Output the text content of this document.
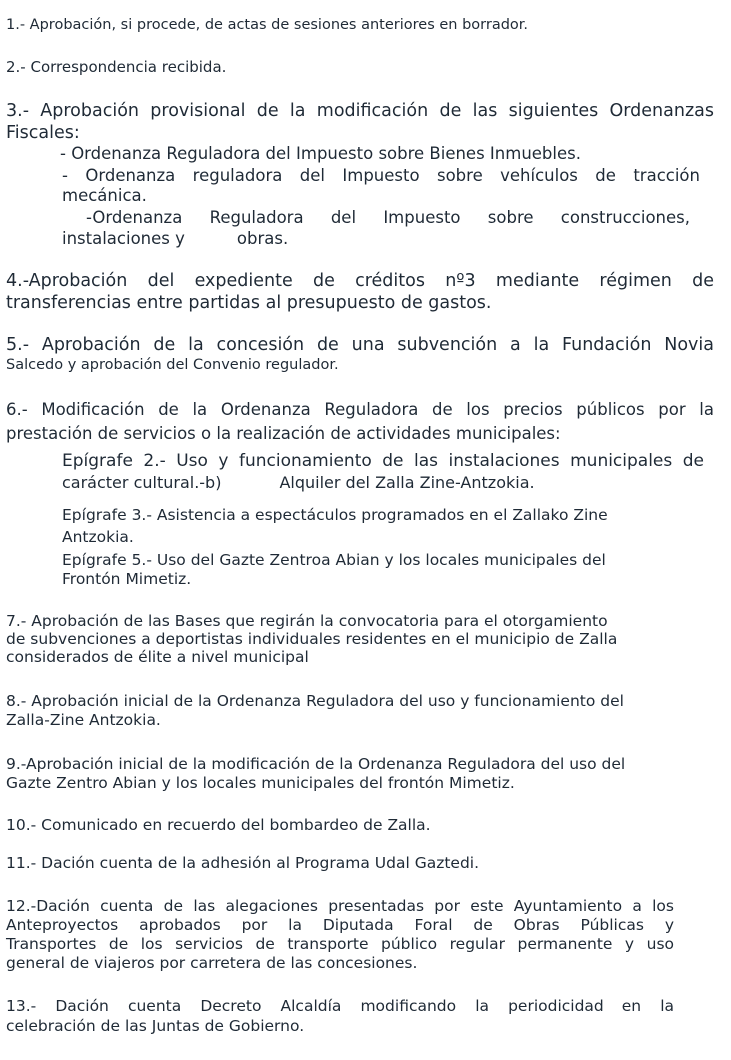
1.- Aprobación, si procede, de actas de sesiones anteriores en borrador.

2.- Correspondencia recibida.

3.- Aprobación provisional de la modificación de las siguientes Ordenanzas
Fiscales:
- Ordenanza Reguladora del Impuesto sobre Bienes Inmuebles.
- Ordenanza reguladora del Impuesto sobre vehículos de tracción
mecánica.
-Ordenanza Reguladora del Impuesto sobre construcciones,
instalaciones y	obras.
4.-Aprobación del expediente de créditos nº3 mediante régimen de
transferencias entre partidas al presupuesto de gastos.
5.- Aprobación de la concesión de una subvención a la Fundación Novia
Salcedo y aprobación del Convenio regulador.
6.- Modificación de la Ordenanza Reguladora de los precios públicos por la
prestación de servicios o la realización de actividades municipales:
Epígrafe 2.- Uso y funcionamiento de las instalaciones municipales de
carácter cultural.-b)	Alquiler del Zalla Zine-Antzokia.
Epígrafe 3.- Asistencia a espectáculos programados en el Zallako Zine
Antzokia.
Epígrafe 5.- Uso del Gazte Zentroa Abian y los locales municipales del
Frontón Mimetiz.
7.- Aprobación de las Bases que regirán la convocatoria para el otorgamiento
de subvenciones a deportistas individuales residentes en el municipio de Zalla
considerados de élite a nivel municipal
8.- Aprobación inicial de la Ordenanza Reguladora del uso y funcionamiento del
Zalla-Zine Antzokia.
9.-Aprobación inicial de la modificación de la Ordenanza Reguladora del uso del
Gazte Zentro Abian y los locales municipales del frontón Mimetiz.

10.- Comunicado en recuerdo del bombardeo de Zalla.

11.- Dación cuenta de la adhesión al Programa Udal Gaztedi.

12.-Dación cuenta de las alegaciones presentadas por este Ayuntamiento a los
Anteproyectos aprobados por la Diputada Foral de Obras Públicas y
Transportes de los servicios de transporte público regular permanente y uso
general de viajeros por carretera de las concesiones.
13.- Dación cuenta Decreto Alcaldía modificando la periodicidad en la
celebración de las Juntas de Gobierno.
